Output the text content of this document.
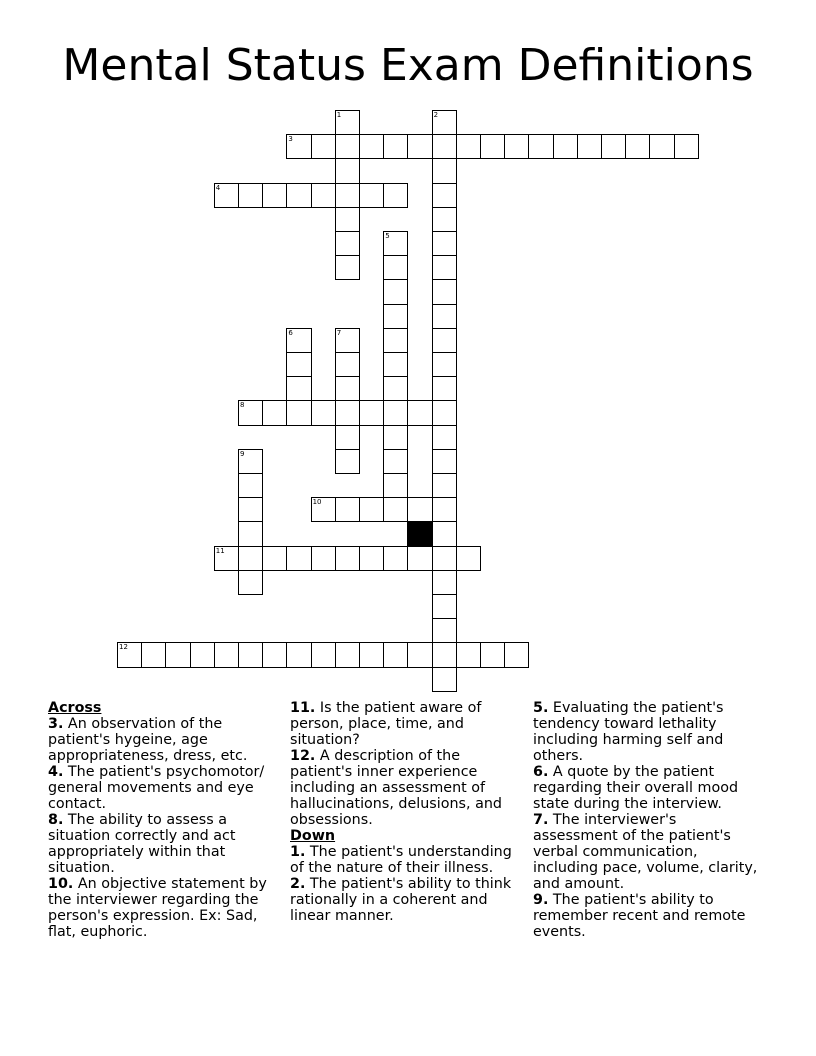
Mental Status Exam Definitions
1	2
3
4
5
6	7
8
9
10
11
12

Across

3. An observation of the patient's hygeine, age appropriateness, dress, etc.

4. The patient's psychomotor/ general movements and eye contact.

8. The ability to assess a situation correctly and act appropriately within that situation.

10. An objective statement by the interviewer regarding the person's expression. Ex: Sad, flat, euphoric.

11. Is the patient aware of person, place, time, and situation?

12. A description of the patient's inner experience including an assessment of hallucinations, delusions, and obsessions.

Down

1. The patient's understanding of the nature of their illness.

2. The patient's ability to think rationally in a coherent and linear manner.

5. Evaluating the patient's tendency toward lethality including harming self and others.

6. A quote by the patient regarding their overall mood state during the interview.

7. The interviewer's assessment of the patient's verbal communication, including pace, volume, clarity, and amount.

9. The patient's ability to remember recent and remote events.
